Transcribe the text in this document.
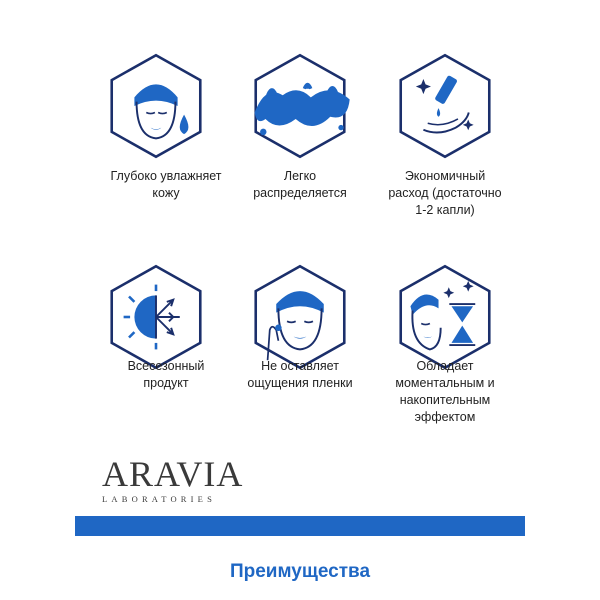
Глубоко увлажняет
кожу
Легко
распределяется
Экономичный
расход (достаточно
1-2 капли)
Всесезонный
продукт
Не оставляет
ощущения пленки
Обладает
моментальным и
накопительным
эффектом
ARAVIA
LABORATORIES
Преимущества
